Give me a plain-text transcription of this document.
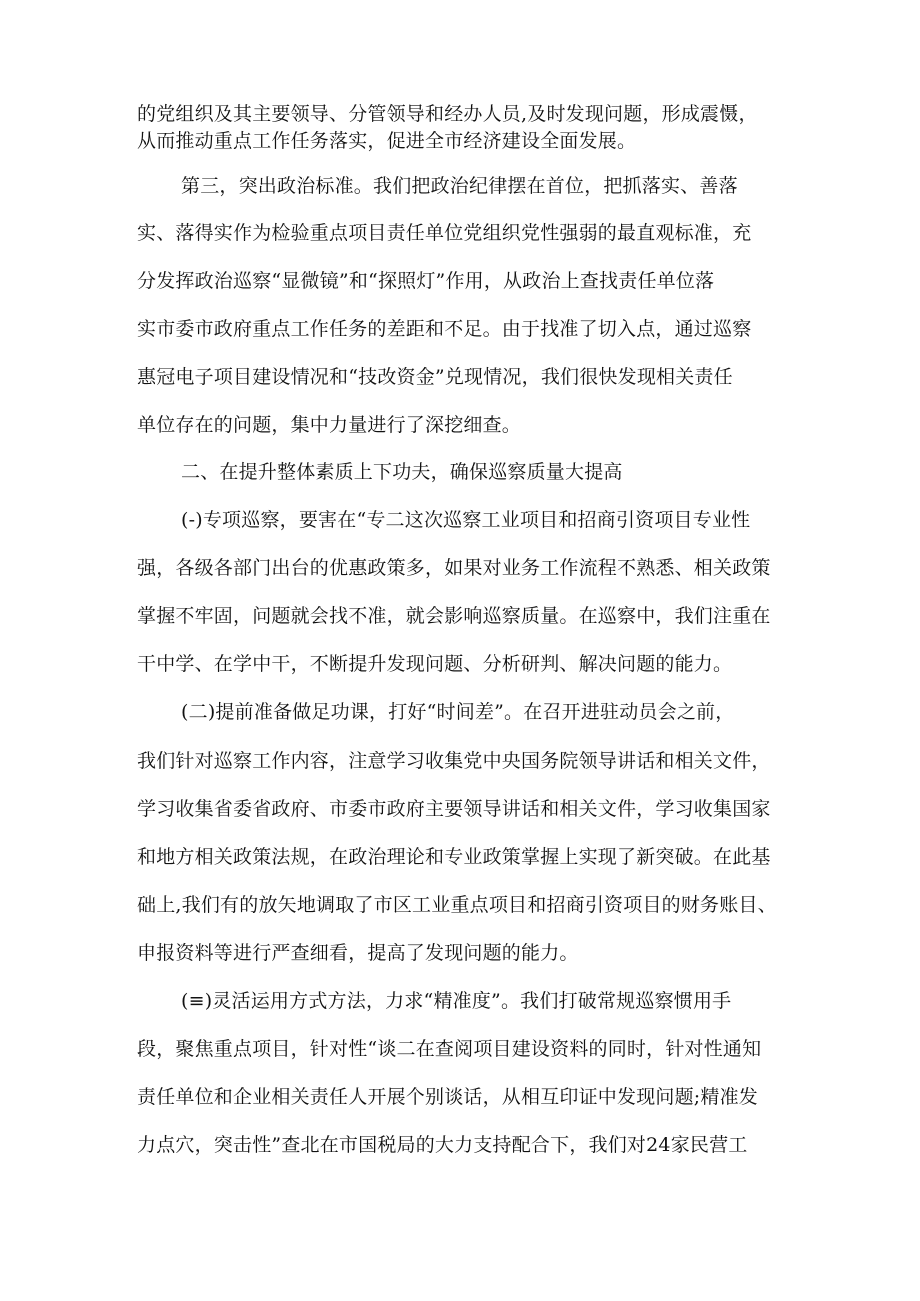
的党组织及其主要领导、分管领导和经办人员,及时发现问题，形成震慑，
从而推动重点工作任务落实，促进全市经济建设全面发展。
第三，突出政治标准。我们把政治纪律摆在首位，把抓落实、善落
实、落得实作为检验重点项目责任单位党组织党性强弱的最直观标准，充
分发挥政治巡察“显微镜”和“探照灯”作用，从政治上查找责任单位落
实市委市政府重点工作任务的差距和不足。由于找准了切入点，通过巡察
惠冠电子项目建设情况和“技改资金”兑现情况，我们很快发现相关责任
单位存在的问题，集中力量进行了深挖细查。
二、在提升整体素质上下功夫，确保巡察质量大提高
(-)专项巡察，要害在“专二这次巡察工业项目和招商引资项目专业性
强，各级各部门出台的优惠政策多，如果对业务工作流程不熟悉、相关政策
掌握不牢固，问题就会找不准，就会影响巡察质量。在巡察中，我们注重在
干中学、在学中干，不断提升发现问题、分析研判、解决问题的能力。
(二)提前准备做足功课，打好“时间差”。在召开进驻动员会之前，
我们针对巡察工作内容，注意学习收集党中央国务院领导讲话和相关文件，
学习收集省委省政府、市委市政府主要领导讲话和相关文件，学习收集国家
和地方相关政策法规，在政治理论和专业政策掌握上实现了新突破。在此基
础上,我们有的放矢地调取了市区工业重点项目和招商引资项目的财务账目、
申报资料等进行严查细看，提高了发现问题的能力。
(≡)灵活运用方式方法，力求“精准度”。我们打破常规巡察惯用手
段，聚焦重点项目，针对性“谈二在查阅项目建设资料的同时，针对性通知
责任单位和企业相关责任人开展个别谈话，从相互印证中发现问题;精准发
力点穴，突击性”查北在市国税局的大力支持配合下，我们对24家民营工
